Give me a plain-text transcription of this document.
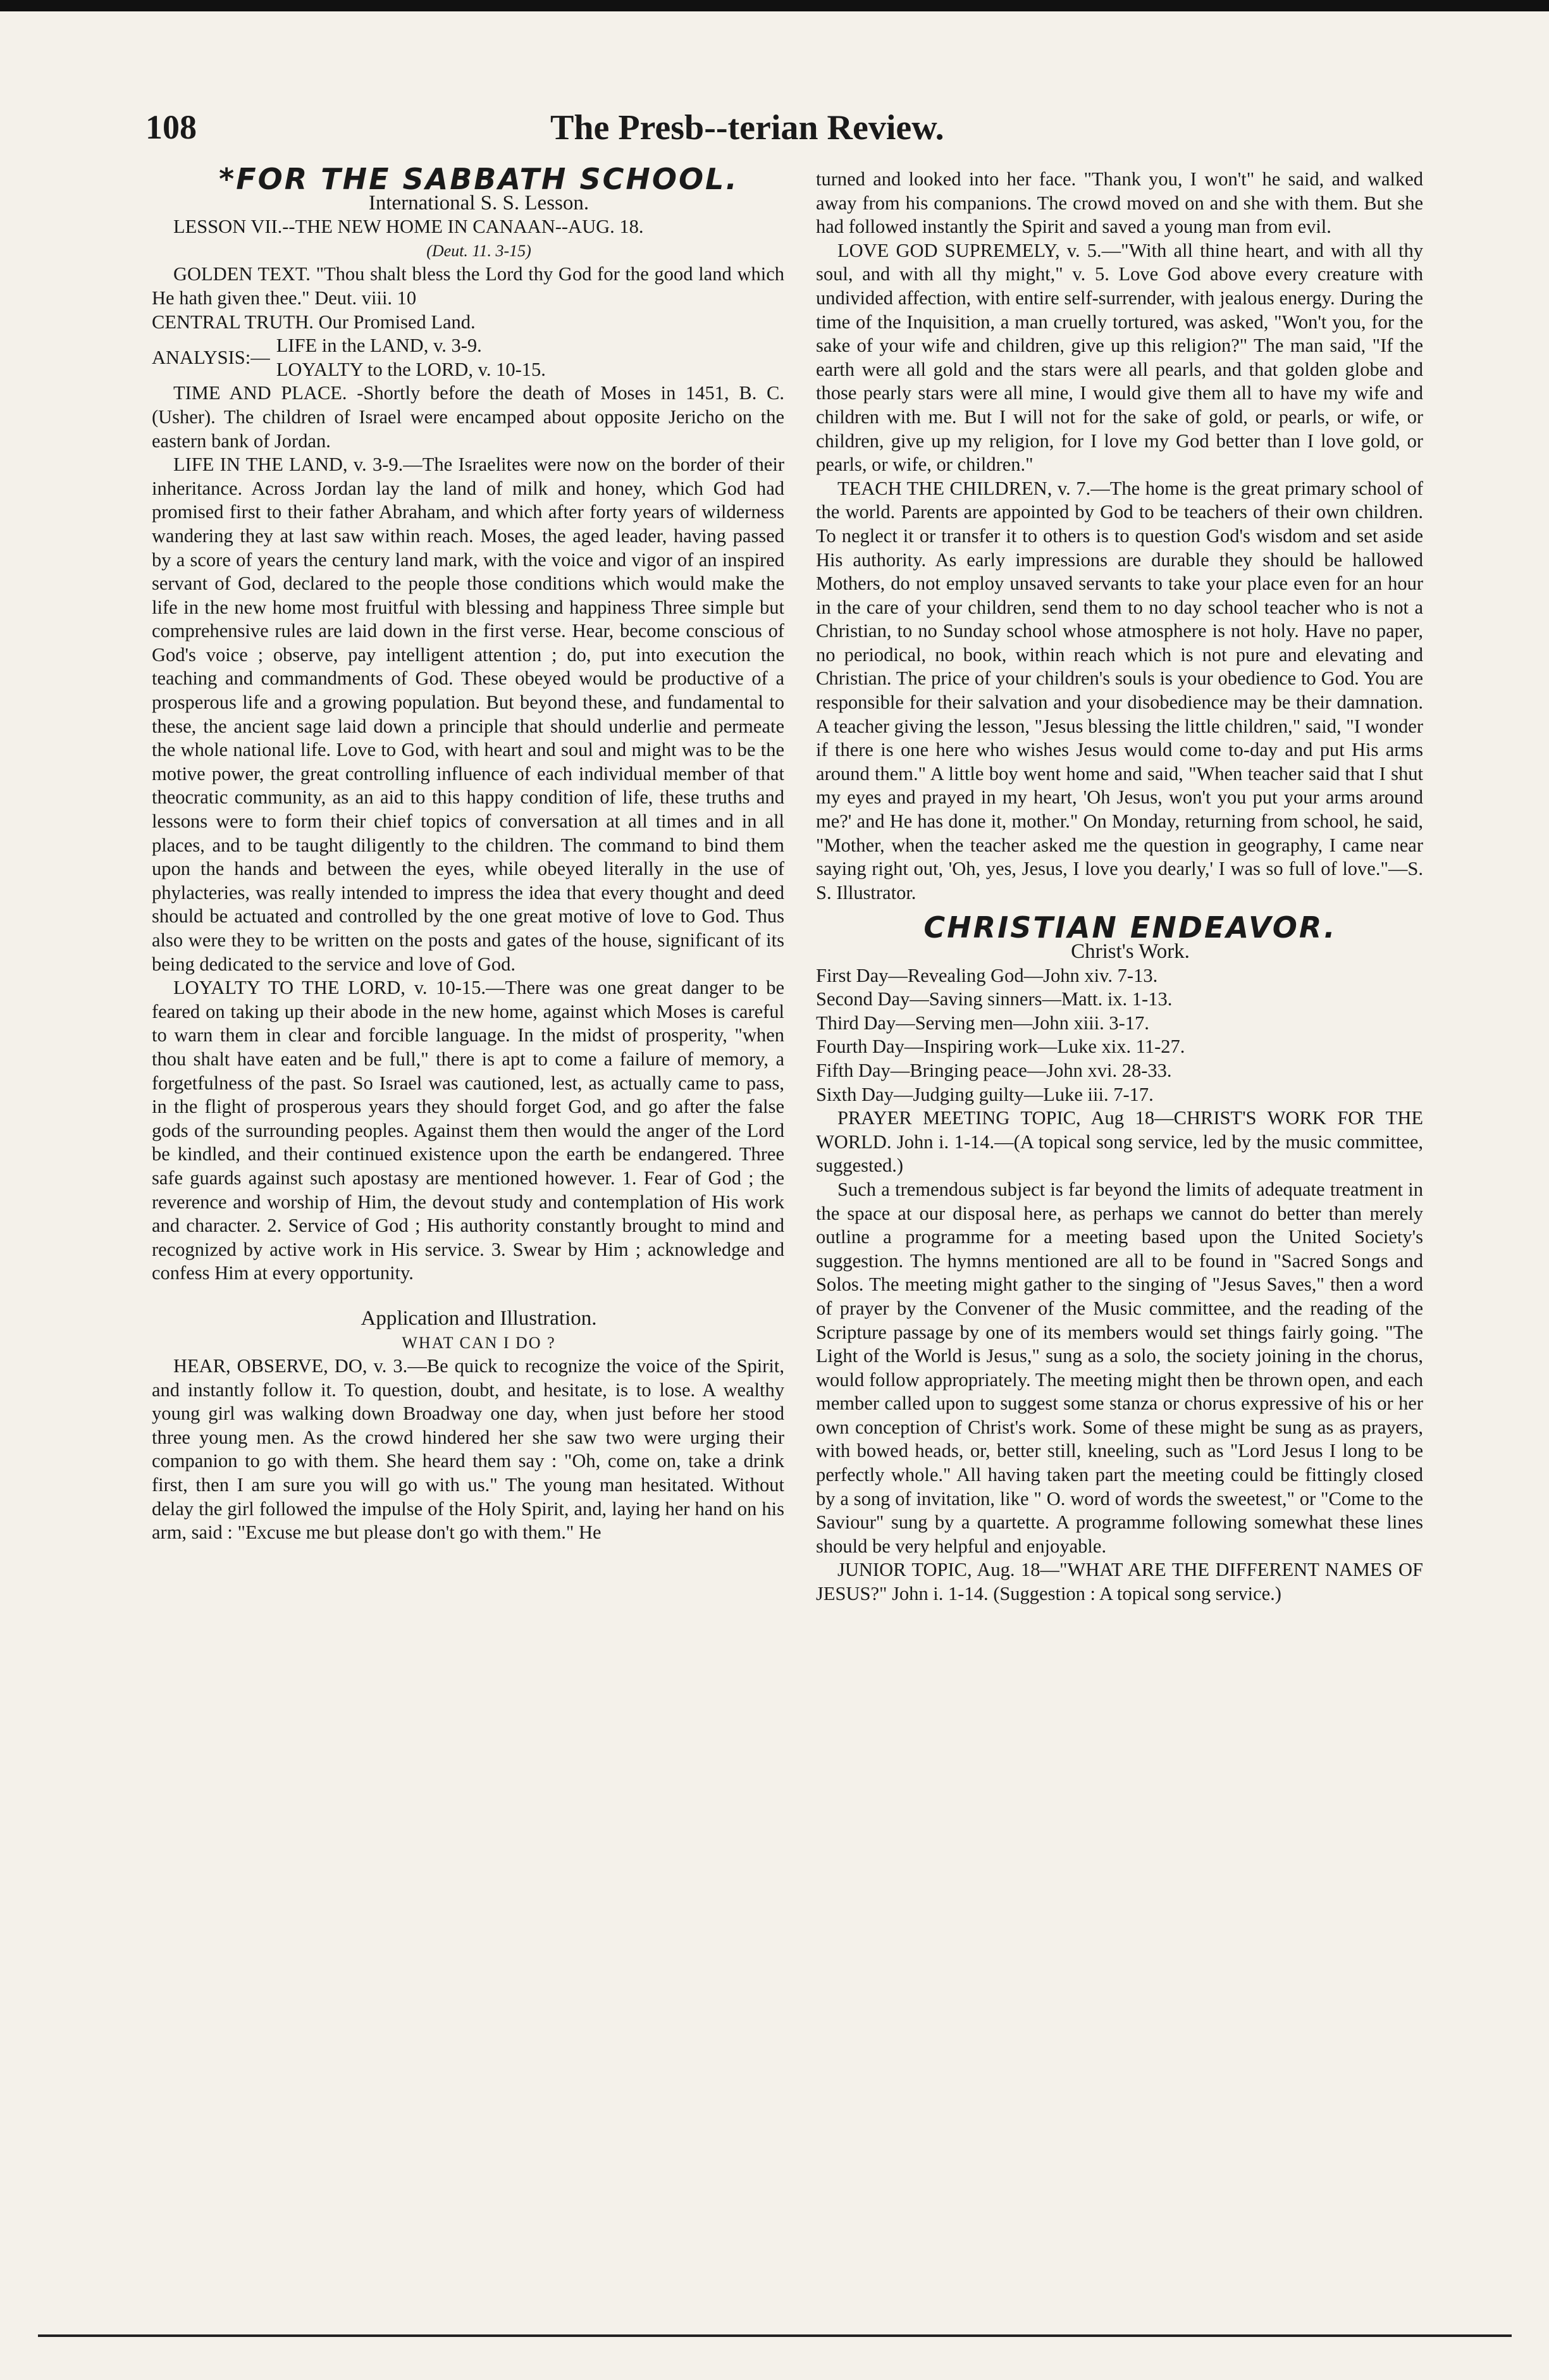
108	The Presb--terian Review.

*FOR THE SABBATH SCHOOL.

International S. S. Lesson.

LESSON VII.--THE NEW HOME IN CANAAN--AUG. 18.

(Deut. 11. 3-15)

GOLDEN TEXT. "Thou shalt bless the Lord thy God for the good land which He hath given thee." Deut. viii. 10

CENTRAL TRUTH. Our Promised Land.

ANALYSIS:—
LIFE in the LAND, v. 3-9.
LOYALTY to the LORD, v. 10-15.

TIME AND PLACE. -Shortly before the death of Moses in 1451, B. C. (Usher). The children of Israel were encamped about opposite Jericho on the eastern bank of Jordan.

LIFE IN THE LAND, v. 3-9.—The Israelites were now on the border of their inheritance. Across Jordan lay the land of milk and honey, which God had promised first to their father Abraham, and which after forty years of wilderness wandering they at last saw within reach. Moses, the aged leader, having passed by a score of years the century land mark, with the voice and vigor of an inspired servant of God, declared to the people those conditions which would make the life in the new home most fruitful with blessing and happiness Three simple but comprehensive rules are laid down in the first verse. Hear, become conscious of God's voice ; observe, pay intelligent attention ; do, put into execution the teaching and commandments of God. These obeyed would be productive of a prosperous life and a growing population. But beyond these, and fundamental to these, the ancient sage laid down a principle that should underlie and permeate the whole national life. Love to God, with heart and soul and might was to be the motive power, the great controlling influence of each individual member of that theocratic community, as an aid to this happy condition of life, these truths and lessons were to form their chief topics of conversation at all times and in all places, and to be taught diligently to the children. The command to bind them upon the hands and between the eyes, while obeyed literally in the use of phylacteries, was really intended to impress the idea that every thought and deed should be actuated and controlled by the one great motive of love to God. Thus also were they to be written on the posts and gates of the house, significant of its being dedicated to the service and love of God.

LOYALTY TO THE LORD, v. 10-15.—There was one great danger to be feared on taking up their abode in the new home, against which Moses is careful to warn them in clear and forcible language. In the midst of prosperity, "when thou shalt have eaten and be full," there is apt to come a failure of memory, a forgetfulness of the past. So Israel was cautioned, lest, as actually came to pass, in the flight of prosperous years they should forget God, and go after the false gods of the surrounding peoples. Against them then would the anger of the Lord be kindled, and their continued existence upon the earth be endangered. Three safe guards against such apostasy are mentioned however. 1. Fear of God ; the reverence and worship of Him, the devout study and contemplation of His work and character. 2. Service of God ; His authority constantly brought to mind and recognized by active work in His service. 3. Swear by Him ; acknowledge and confess Him at every opportunity.

Application and Illustration.

WHAT CAN I DO ?

HEAR, OBSERVE, DO, v. 3.—Be quick to recognize the voice of the Spirit, and instantly follow it. To question, doubt, and hesitate, is to lose. A wealthy young girl was walking down Broadway one day, when just before her stood three young men. As the crowd hindered her she saw two were urging their companion to go with them. She heard them say : "Oh, come on, take a drink first, then I am sure you will go with us." The young man hesitated. Without delay the girl followed the impulse of the Holy Spirit, and, laying her hand on his arm, said : "Excuse me but please don't go with them." He

turned and looked into her face. "Thank you, I won't" he said, and walked away from his companions. The crowd moved on and she with them. But she had followed instantly the Spirit and saved a young man from evil.

LOVE GOD SUPREMELY, v. 5.—"With all thine heart, and with all thy soul, and with all thy might," v. 5. Love God above every creature with undivided affection, with entire self-surrender, with jealous energy. During the time of the Inquisition, a man cruelly tortured, was asked, "Won't you, for the sake of your wife and children, give up this religion?" The man said, "If the earth were all gold and the stars were all pearls, and that golden globe and those pearly stars were all mine, I would give them all to have my wife and children with me. But I will not for the sake of gold, or pearls, or wife, or children, give up my religion, for I love my God better than I love gold, or pearls, or wife, or children."

TEACH THE CHILDREN, v. 7.—The home is the great primary school of the world. Parents are appointed by God to be teachers of their own children. To neglect it or transfer it to others is to question God's wisdom and set aside His authority. As early impressions are durable they should be hallowed Mothers, do not employ unsaved servants to take your place even for an hour in the care of your children, send them to no day school teacher who is not a Christian, to no Sunday school whose atmosphere is not holy. Have no paper, no periodical, no book, within reach which is not pure and elevating and Christian. The price of your children's souls is your obedience to God. You are responsible for their salvation and your disobedience may be their damnation. A teacher giving the lesson, "Jesus blessing the little children," said, "I wonder if there is one here who wishes Jesus would come to-day and put His arms around them." A little boy went home and said, "When teacher said that I shut my eyes and prayed in my heart, 'Oh Jesus, won't you put your arms around me?' and He has done it, mother." On Monday, returning from school, he said, "Mother, when the teacher asked me the question in geography, I came near saying right out, 'Oh, yes, Jesus, I love you dearly,' I was so full of love."—S. S. Illustrator.

CHRISTIAN ENDEAVOR.

Christ's Work.

First Day—Revealing God—John xiv. 7-13.

Second Day—Saving sinners—Matt. ix. 1-13.

Third Day—Serving men—John xiii. 3-17.

Fourth Day—Inspiring work—Luke xix. 11-27.

Fifth Day—Bringing peace—John xvi. 28-33.

Sixth Day—Judging guilty—Luke iii. 7-17.

PRAYER MEETING TOPIC, Aug 18—CHRIST'S WORK FOR THE WORLD. John i. 1-14.—(A topical song service, led by the music committee, suggested.)

Such a tremendous subject is far beyond the limits of adequate treatment in the space at our disposal here, as perhaps we cannot do better than merely outline a programme for a meeting based upon the United Society's suggestion. The hymns mentioned are all to be found in "Sacred Songs and Solos. The meeting might gather to the singing of "Jesus Saves," then a word of prayer by the Convener of the Music committee, and the reading of the Scripture passage by one of its members would set things fairly going. "The Light of the World is Jesus," sung as a solo, the society joining in the chorus, would follow appropriately. The meeting might then be thrown open, and each member called upon to suggest some stanza or chorus expressive of his or her own conception of Christ's work. Some of these might be sung as as prayers, with bowed heads, or, better still, kneeling, such as "Lord Jesus I long to be perfectly whole." All having taken part the meeting could be fittingly closed by a song of invitation, like " O. word of words the sweetest," or "Come to the Saviour" sung by a quartette. A programme following somewhat these lines should be very helpful and enjoyable.

JUNIOR TOPIC, Aug. 18—"WHAT ARE THE DIFFERENT NAMES OF JESUS?" John i. 1-14. (Suggestion : A topical song service.)
